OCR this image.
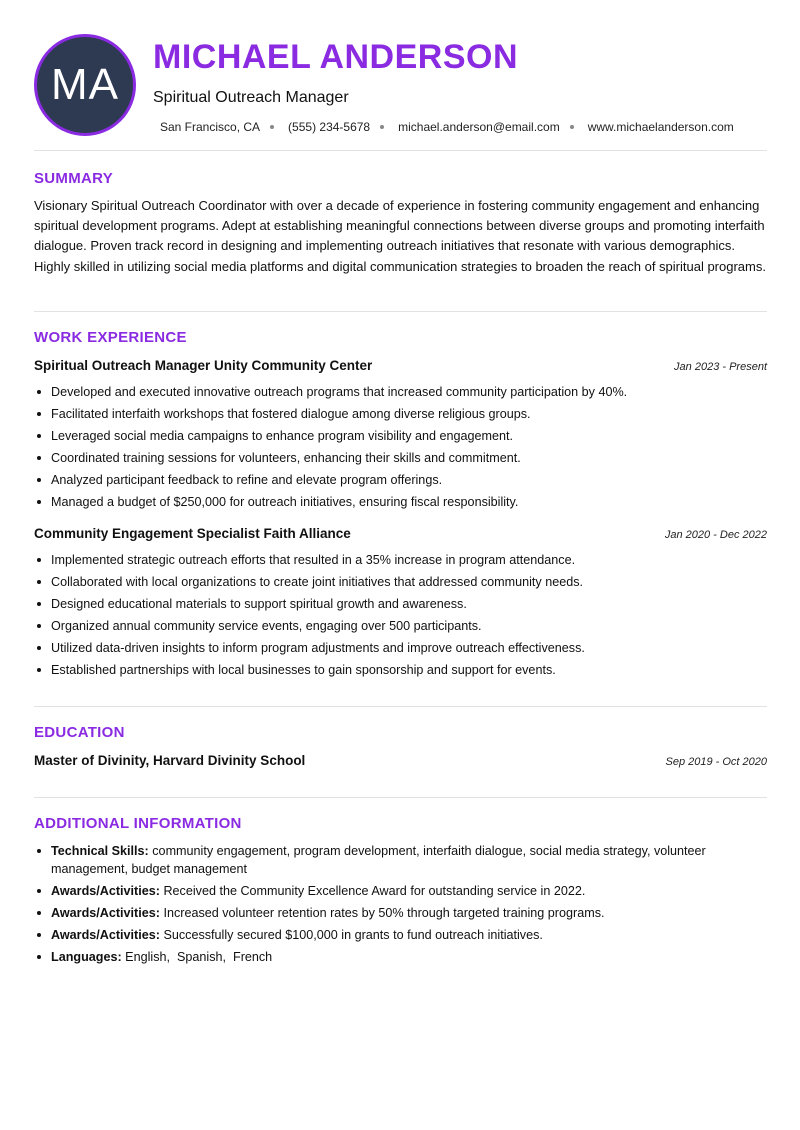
MA
MICHAEL ANDERSON
Spiritual Outreach Manager
San Francisco, CA (555) 234-5678 michael.anderson@email.com www.michaelanderson.com
SUMMARY

Visionary Spiritual Outreach Coordinator with over a decade of experience in fostering community engagement and enhancing spiritual development programs. Adept at establishing meaningful connections between diverse groups and promoting interfaith dialogue. Proven track record in designing and implementing outreach initiatives that resonate with various demographics. Highly skilled in utilizing social media platforms and digital communication strategies to broaden the reach of spiritual programs.

WORK EXPERIENCE
Spiritual Outreach Manager Unity Community Center	Jan 2023 - Present
Developed and executed innovative outreach programs that increased community participation by 40%.
Facilitated interfaith workshops that fostered dialogue among diverse religious groups.
Leveraged social media campaigns to enhance program visibility and engagement.
Coordinated training sessions for volunteers, enhancing their skills and commitment.
Analyzed participant feedback to refine and elevate program offerings.
Managed a budget of $250,000 for outreach initiatives, ensuring fiscal responsibility.
Community Engagement Specialist Faith Alliance	Jan 2020 - Dec 2022
Implemented strategic outreach efforts that resulted in a 35% increase in program attendance.
Collaborated with local organizations to create joint initiatives that addressed community needs.
Designed educational materials to support spiritual growth and awareness.
Organized annual community service events, engaging over 500 participants.
Utilized data-driven insights to inform program adjustments and improve outreach effectiveness.
Established partnerships with local businesses to gain sponsorship and support for events.
EDUCATION
Master of Divinity, Harvard Divinity School	Sep 2019 - Oct 2020
ADDITIONAL INFORMATION
Technical Skills: community engagement, program development, interfaith dialogue, social media strategy, volunteer management, budget management
Awards/Activities: Received the Community Excellence Award for outstanding service in 2022.
Awards/Activities: Increased volunteer retention rates by 50% through targeted training programs.
Awards/Activities: Successfully secured $100,000 in grants to fund outreach initiatives.
Languages: English,  Spanish,  French
